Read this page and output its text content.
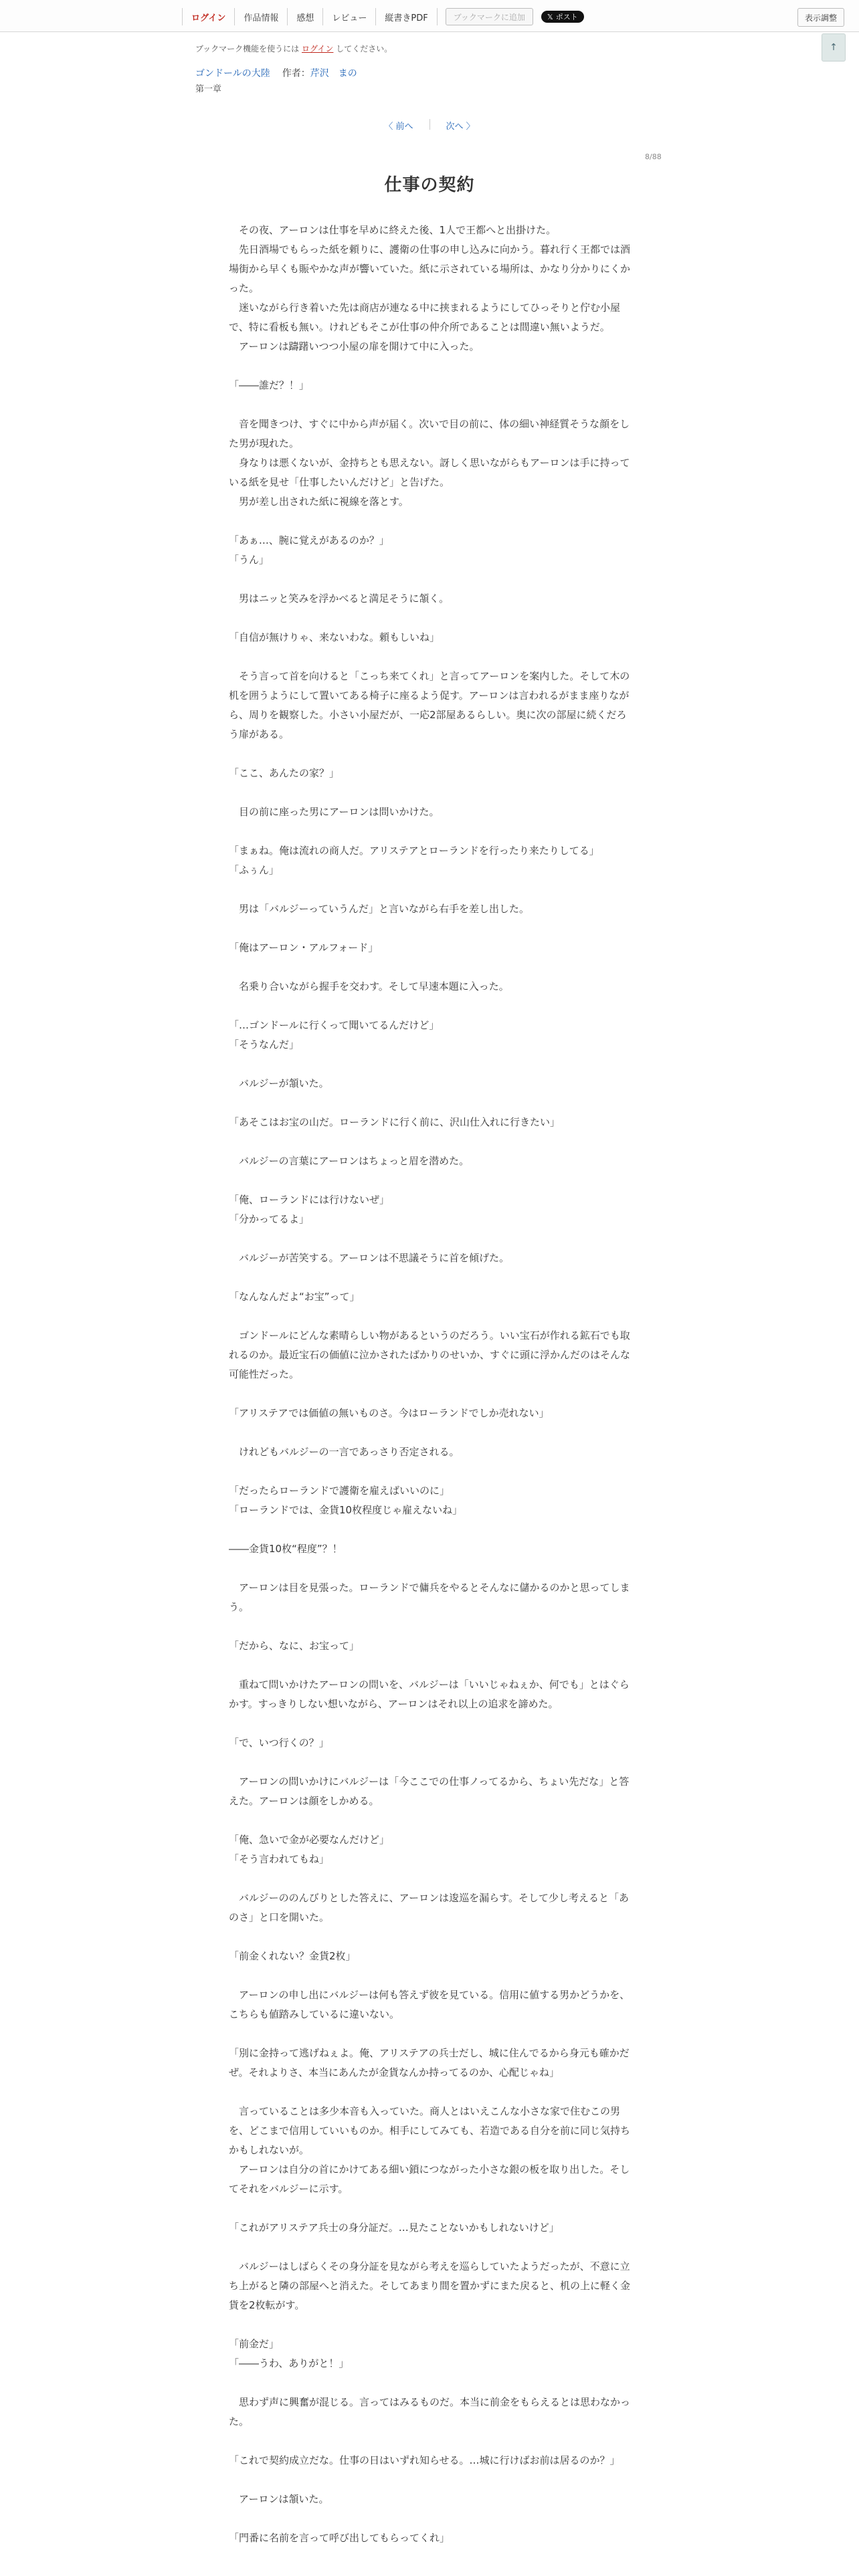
ログイン	作品情報	感想	レビュー	縦書きPDF	ブックマークに追加	𝕏 ポスト	表示調整
ブックマーク機能を使うには ログイン してください。	↑
ゴンドールの大陸 作者：芹沢　まの
第一章
〈 前へ	次へ 〉
8/88
仕事の契約

　その夜、アーロンは仕事を早めに終えた後、1人で王都へと出掛けた。

　先日酒場でもらった紙を頼りに、護衛の仕事の申し込みに向かう。暮れ行く王都では酒場街から早くも賑やかな声が響いていた。紙に示されている場所は、かなり分かりにくかった。

　迷いながら行き着いた先は商店が連なる中に挟まれるようにしてひっそりと佇む小屋で、特に看板も無い。けれどもそこが仕事の仲介所であることは間違い無いようだ。

　アーロンは躊躇いつつ小屋の扉を開けて中に入った。

「――誰だ？！」

　音を聞きつけ、すぐに中から声が届く。次いで目の前に、体の細い神経質そうな顔をした男が現れた。

　身なりは悪くないが、金持ちとも思えない。訝しく思いながらもアーロンは手に持っている紙を見せ「仕事したいんだけど」と告げた。

　男が差し出された紙に視線を落とす。

「あぁ…、腕に覚えがあるのか？」

「うん」

　男はニッと笑みを浮かべると満足そうに頷く。

「自信が無けりゃ、来ないわな。頼もしいね」

　そう言って首を向けると「こっち来てくれ」と言ってアーロンを案内した。そして木の机を囲うようにして置いてある椅子に座るよう促す。アーロンは言われるがまま座りながら、周りを観察した。小さい小屋だが、一応2部屋あるらしい。奥に次の部屋に続くだろう扉がある。

「ここ、あんたの家？」

　目の前に座った男にアーロンは問いかけた。

「まぁね。俺は流れの商人だ。アリステアとローランドを行ったり来たりしてる」

「ふぅん」

　男は「バルジーっていうんだ」と言いながら右手を差し出した。

「俺はアーロン・アルフォード」

　名乗り合いながら握手を交わす。そして早速本題に入った。

「…ゴンドールに行くって聞いてるんだけど」

「そうなんだ」

　バルジーが頷いた。

「あそこはお宝の山だ。ローランドに行く前に、沢山仕入れに行きたい」

　バルジーの言葉にアーロンはちょっと眉を潜めた。

「俺、ローランドには行けないぜ」

「分かってるよ」

　バルジーが苦笑する。アーロンは不思議そうに首を傾げた。

「なんなんだよ“お宝”って」

　ゴンドールにどんな素晴らしい物があるというのだろう。いい宝石が作れる鉱石でも取れるのか。最近宝石の価値に泣かされたばかりのせいか、すぐに頭に浮かんだのはそんな可能性だった。

「アリステアでは価値の無いものさ。今はローランドでしか売れない」

　けれどもバルジーの一言であっさり否定される。

「だったらローランドで護衛を雇えばいいのに」

「ローランドでは、金貨10枚程度じゃ雇えないね」

――金貨10枚“程度”？！

　アーロンは目を見張った。ローランドで傭兵をやるとそんなに儲かるのかと思ってしまう。

「だから、なに、お宝って」

　重ねて問いかけたアーロンの問いを、バルジーは「いいじゃねぇか、何でも」とはぐらかす。すっきりしない想いながら、アーロンはそれ以上の追求を諦めた。

「で、いつ行くの？」

　アーロンの問いかけにバルジーは「今ここでの仕事ノってるから、ちょい先だな」と答えた。アーロンは顔をしかめる。

「俺、急いで金が必要なんだけど」

「そう言われてもね」

　バルジーののんびりとした答えに、アーロンは逡巡を漏らす。そして少し考えると「あのさ」と口を開いた。

「前金くれない？金貨2枚」

　アーロンの申し出にバルジーは何も答えず彼を見ている。信用に値する男かどうかを、こちらも値踏みしているに違いない。

「別に金持って逃げねぇよ。俺、アリステアの兵士だし、城に住んでるから身元も確かだぜ。それよりさ、本当にあんたが金貨なんか持ってるのか、心配じゃね」

　言っていることは多少本音も入っていた。商人とはいえこんな小さな家で住むこの男を、どこまで信用していいものか。相手にしてみても、若造である自分を前に同じ気持ちかもしれないが。

　アーロンは自分の首にかけてある細い鎖につながった小さな銀の板を取り出した。そしてそれをバルジーに示す。

「これがアリステア兵士の身分証だ。…見たことないかもしれないけど」

　バルジーはしばらくその身分証を見ながら考えを巡らしていたようだったが、不意に立ち上がると隣の部屋へと消えた。そしてあまり間を置かずにまた戻ると、机の上に軽く金貨を2枚転がす。

「前金だ」

「――うわ、ありがと！」

　思わず声に興奮が混じる。言ってはみるものだ。本当に前金をもらえるとは思わなかった。

「これで契約成立だな。仕事の日はいずれ知らせる。…城に行けばお前は居るのか？」

　アーロンは頷いた。

「門番に名前を言って呼び出してもらってくれ」
